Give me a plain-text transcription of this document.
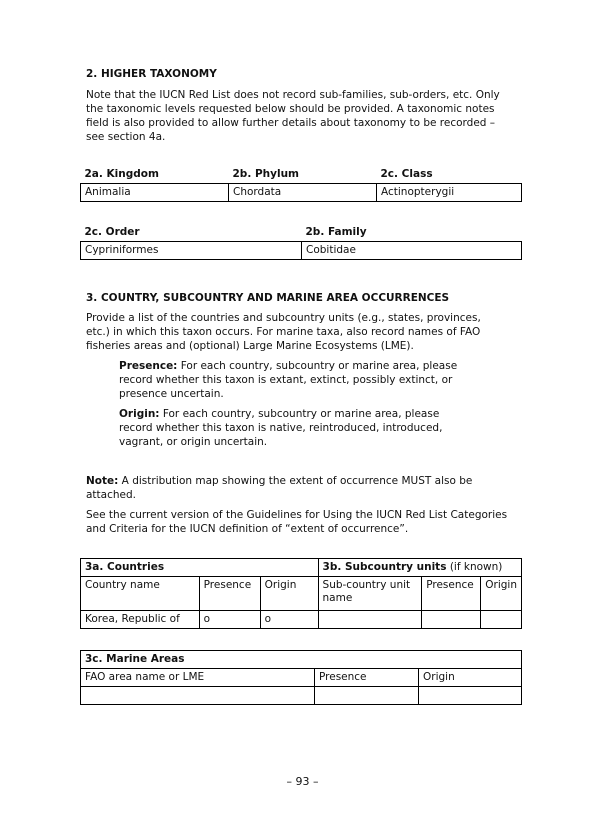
2. HIGHER TAXONOMY
Note that the IUCN Red List does not record sub-families, sub-orders, etc. Only the taxonomic levels requested below should be provided. A taxonomic notes field is also provided to allow further details about taxonomy to be recorded – see section 4a.
2a. Kingdom	2b. Phylum	2c. Class
Animalia	Chordata	Actinopterygii
2c. Order	2b. Family
Cypriniformes	Cobitidae
3. COUNTRY, SUBCOUNTRY AND MARINE AREA OCCURRENCES
Provide a list of the countries and subcountry units (e.g., states, provinces, etc.) in which this taxon occurs. For marine taxa, also record names of FAO fisheries areas and (optional) Large Marine Ecosystems (LME).
Presence: For each country, subcountry or marine area, please record whether this taxon is extant, extinct, possibly extinct, or presence uncertain.
Origin: For each country, subcountry or marine area, please record whether this taxon is native, reintroduced, introduced, vagrant, or origin uncertain.
Note: A distribution map showing the extent of occurrence MUST also be attached.
See the current version of the Guidelines for Using the IUCN Red List Categories and Criteria for the IUCN definition of “extent of occurrence”.
3a. Countries			3b. Subcountry units (if known)		
Country name	Presence	Origin	Sub-country unit name	Presence	Origin
Korea, Republic of	o	o			
3c. Marine Areas		
FAO area name or LME	Presence	Origin

– 93 –
